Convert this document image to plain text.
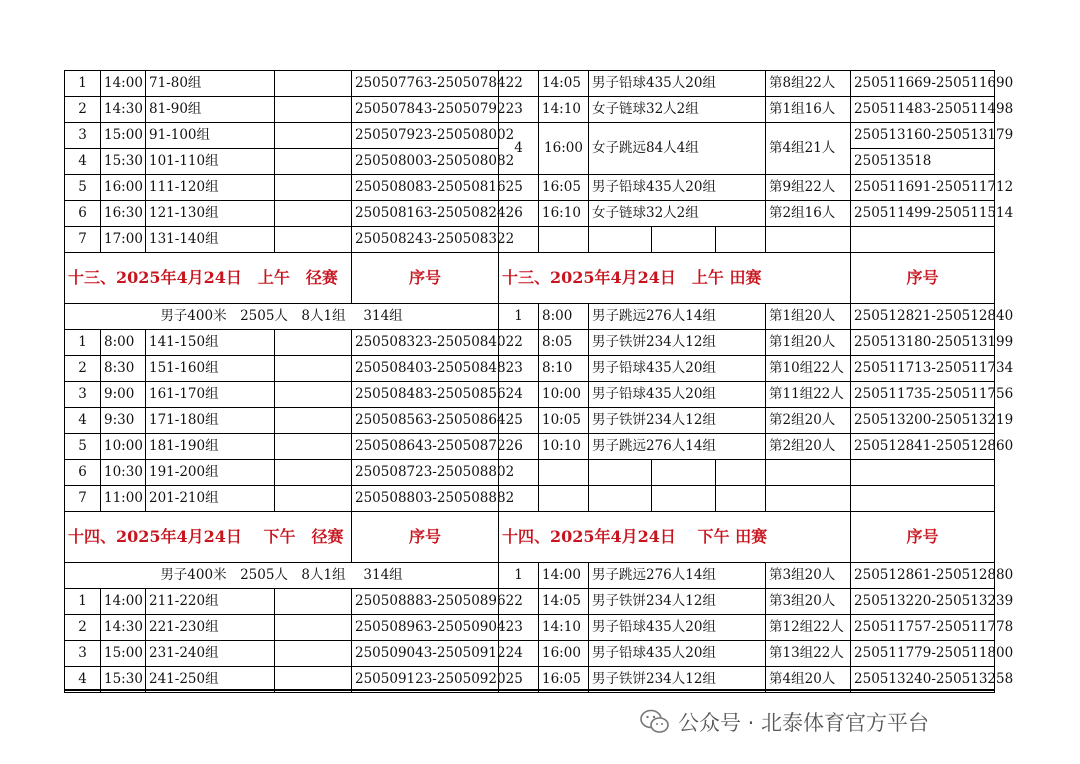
1	14:00	71-80组		250507763-250507842	2	14:05	男子铅球435人20组			第8组22人	250511669-250511690
2	14:30	81-90组		250507843-250507922	3	14:10	女子链球32人2组			第1组16人	250511483-250511498
3	15:00	91-100组		250507923-250508002	4	16:00	女子跳远84人4组			第4组21人	250513160-250513179
4	15:30	101-110组		250508003-250508082							250513518
5	16:00	111-120组		250508083-250508162	5	16:05	男子铅球435人20组			第9组22人	250511691-250511712
6	16:30	121-130组		250508163-250508242	6	16:10	女子链球32人2组			第2组16人	250511499-250511514
7	17:00	131-140组		250508243-250508322							
十三、2025年4月24日　上午　径赛				序号	十三、2025年4月24日　上午 田赛						序号
男子400米　2505人　8人1组　 314组					1	8:00	男子跳远276人14组			第1组20人	250512821-250512840
1	8:00	141-150组		250508323-250508402	2	8:05	男子铁饼234人12组			第1组20人	250513180-250513199
2	8:30	151-160组		250508403-250508482	3	8:10	男子铅球435人20组			第10组22人	250511713-250511734
3	9:00	161-170组		250508483-250508562	4	10:00	男子铅球435人20组			第11组22人	250511735-250511756
4	9:30	171-180组		250508563-250508642	5	10:05	男子铁饼234人12组			第2组20人	250513200-250513219
5	10:00	181-190组		250508643-250508722	6	10:10	男子跳远276人14组			第2组20人	250512841-250512860
6	10:30	191-200组		250508723-250508802							
7	11:00	201-210组		250508803-250508882							
十四、2025年4月24日　 下午　径赛				序号	十四、2025年4月24日　 下午 田赛						序号
男子400米　2505人　8人1组　 314组					1	14:00	男子跳远276人14组			第3组20人	250512861-250512880
1	14:00	211-220组		250508883-250508962	2	14:05	男子铁饼234人12组			第3组20人	250513220-250513239
2	14:30	221-230组		250508963-250509042	3	14:10	男子铅球435人20组			第12组22人	250511757-250511778
3	15:00	231-240组		250509043-250509122	4	16:00	男子铅球435人20组			第13组22人	250511779-250511800
4	15:30	241-250组		250509123-250509202	5	16:05	男子铁饼234人12组			第4组20人	250513240-250513258
公众号 · 北泰体育官方平台
